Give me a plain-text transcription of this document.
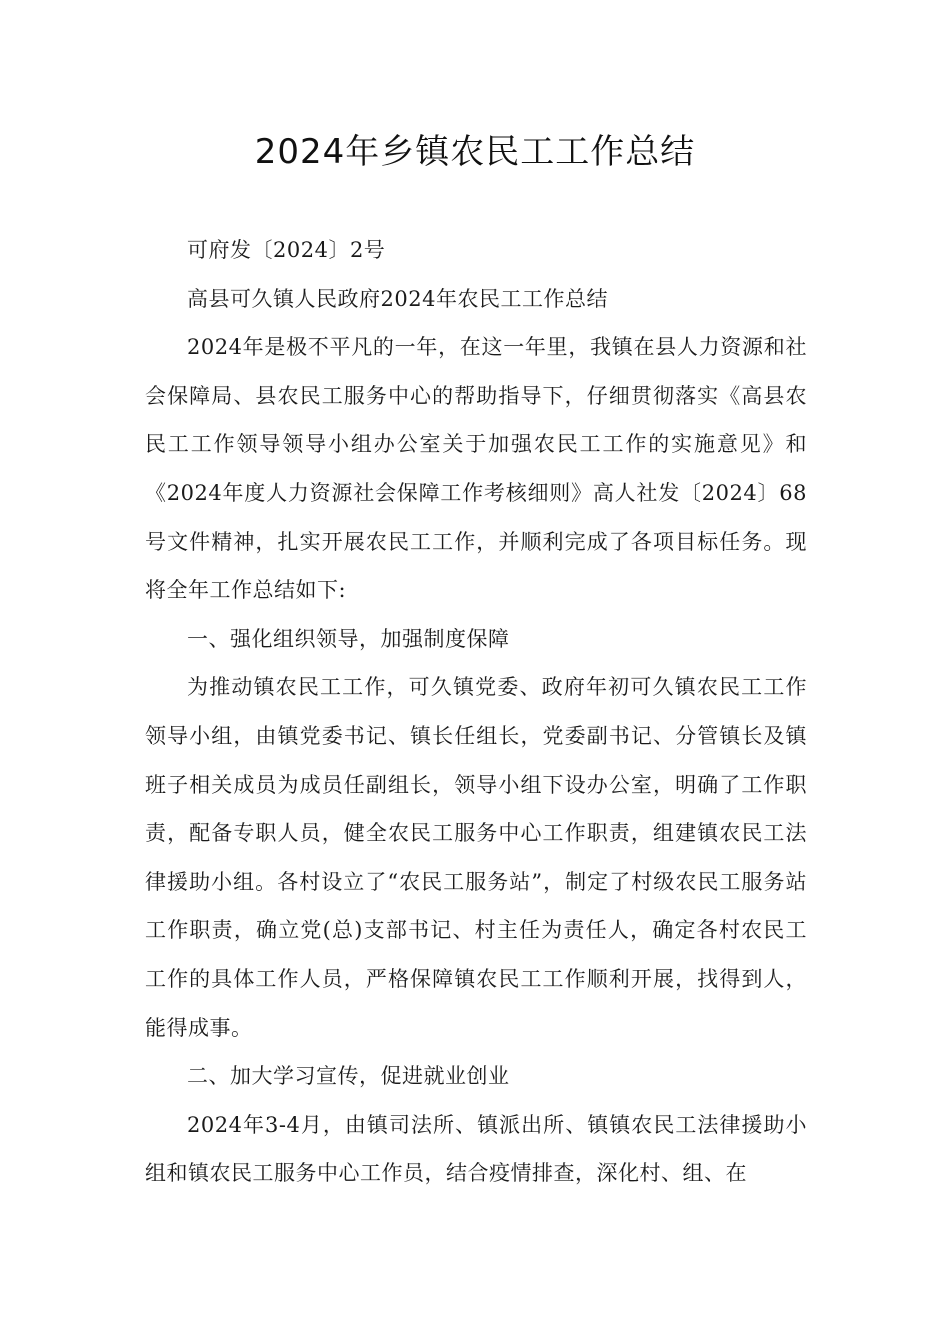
2024年乡镇农民工工作总结

可府发〔2024〕2号

高县可久镇人民政府2024年农民工工作总结

2024年是极不平凡的一年，在这一年里，我镇在县人力资源和社会保障局、县农民工服务中心的帮助指导下，仔细贯彻落实《高县农民工工作领导领导小组办公室关于加强农民工工作的实施意见》和《2024年度人力资源社会保障工作考核细则》高人社发〔2024〕68号文件精神，扎实开展农民工工作，并顺利完成了各项目标任务。现将全年工作总结如下:

一、强化组织领导，加强制度保障

为推动镇农民工工作，可久镇党委、政府年初可久镇农民工工作领导小组，由镇党委书记、镇长任组长，党委副书记、分管镇长及镇班子相关成员为成员任副组长，领导小组下设办公室，明确了工作职责，配备专职人员，健全农民工服务中心工作职责，组建镇农民工法律援助小组。各村设立了“农民工服务站”，制定了村级农民工服务站工作职责，确立党(总)支部书记、村主任为责任人，确定各村农民工工作的具体工作人员，严格保障镇农民工工作顺利开展，找得到人，能得成事。

二、加大学习宣传，促进就业创业

2024年3-4月，由镇司法所、镇派出所、镇镇农民工法律援助小组和镇农民工服务中心工作员，结合疫情排查，深化村、组、在
